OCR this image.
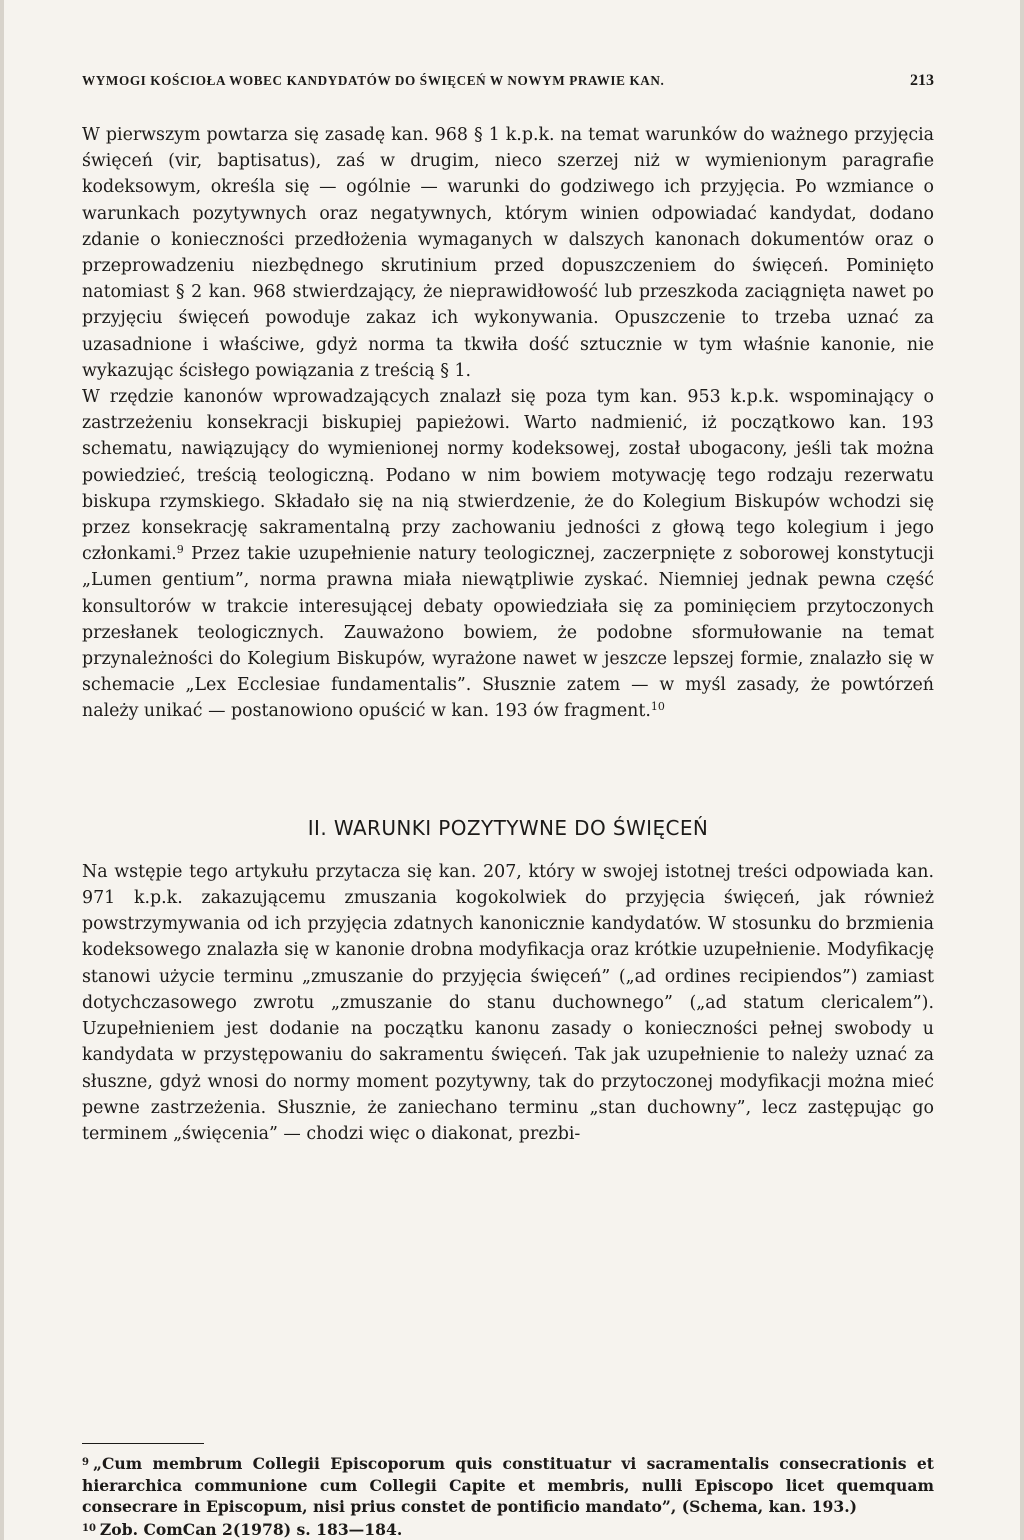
WYMOGI KOŚCIOŁA WOBEC KANDYDATÓW DO ŚWIĘCEŃ W NOWYM PRAWIE KAN.	213

W pierwszym powtarza się zasadę kan. 968 § 1 k.p.k. na temat warunków do ważnego przyjęcia święceń (vir, baptisatus), zaś w drugim, nieco szerzej niż w wymienionym paragrafie kodeksowym, określa się — ogólnie — warunki do godziwego ich przyjęcia. Po wzmiance o warunkach pozytywnych oraz negatywnych, którym winien odpowiadać kandydat, dodano zdanie o konieczności przedłożenia wymaganych w dalszych kanonach dokumentów oraz o przeprowadzeniu niezbędnego skrutinium przed dopuszczeniem do święceń. Pominięto natomiast § 2 kan. 968 stwierdzający, że nieprawidłowość lub przeszkoda zaciągnięta nawet po przyjęciu święceń powoduje zakaz ich wykonywania. Opuszczenie to trzeba uznać za uzasadnione i właściwe, gdyż norma ta tkwiła dość sztucznie w tym właśnie kanonie, nie wykazując ścisłego powiązania z treścią § 1.

W rzędzie kanonów wprowadzających znalazł się poza tym kan. 953 k.p.k. wspominający o zastrzeżeniu konsekracji biskupiej papieżowi. Warto nadmienić, iż początkowo kan. 193 schematu, nawiązujący do wymienionej normy kodeksowej, został ubogacony, jeśli tak można powiedzieć, treścią teologiczną. Podano w nim bowiem motywację tego rodzaju rezerwatu biskupa rzymskiego. Składało się na nią stwierdzenie, że do Kolegium Biskupów wchodzi się przez konsekrację sakramentalną przy zachowaniu jedności z głową tego kolegium i jego członkami.$^9$ Przez takie uzupełnienie natury teologicznej, zaczerpnięte z soborowej konstytucji „Lumen gentium”, norma prawna miała niewątpliwie zyskać. Niemniej jednak pewna część konsultorów w trakcie interesującej debaty opowiedziała się za pominięciem przytoczonych przesłanek teologicznych. Zauważono bowiem, że podobne sformułowanie na temat przynależności do Kolegium Biskupów, wyrażone nawet w jeszcze lepszej formie, znalazło się w schemacie „Lex Ecclesiae fundamentalis”. Słusznie zatem — w myśl zasady, że powtórzeń należy unikać — postanowiono opuścić w kan. 193 ów fragment.$^{10}$

II. WARUNKI POZYTYWNE DO ŚWIĘCEŃ

Na wstępie tego artykułu przytacza się kan. 207, który w swojej istotnej treści odpowiada kan. 971 k.p.k. zakazującemu zmuszania kogokolwiek do przyjęcia święceń, jak również powstrzymywania od ich przyjęcia zdatnych kanonicznie kandydatów. W stosunku do brzmienia kodeksowego znalazła się w kanonie drobna modyfikacja oraz krótkie uzupełnienie. Modyfikację stanowi użycie terminu „zmuszanie do przyjęcia święceń” („ad ordines recipiendos”) zamiast dotychczasowego zwrotu „zmuszanie do stanu duchownego” („ad statum clericalem”). Uzupełnieniem jest dodanie na początku kanonu zasady o konieczności pełnej swobody u kandydata w przystępowaniu do sakramentu święceń. Tak jak uzupełnienie to należy uznać za słuszne, gdyż wnosi do normy moment pozytywny, tak do przytoczonej modyfikacji można mieć pewne zastrzeżenia. Słusznie, że zaniechano terminu „stan duchowny”, lecz zastępując go terminem „święcenia” — chodzi więc o diakonat, prezbi-

$^9$ „Cum membrum Collegii Episcoporum quis constituatur vi sacramentalis consecrationis et hierarchica communione cum Collegii Capite et membris, nulli Episcopo licet quemquam consecrare in Episcopum, nisi prius constet de pontificio mandato”, (Schema, kan. 193.)

$^{10}$ Zob. ComCan 2(1978) s. 183—184.
